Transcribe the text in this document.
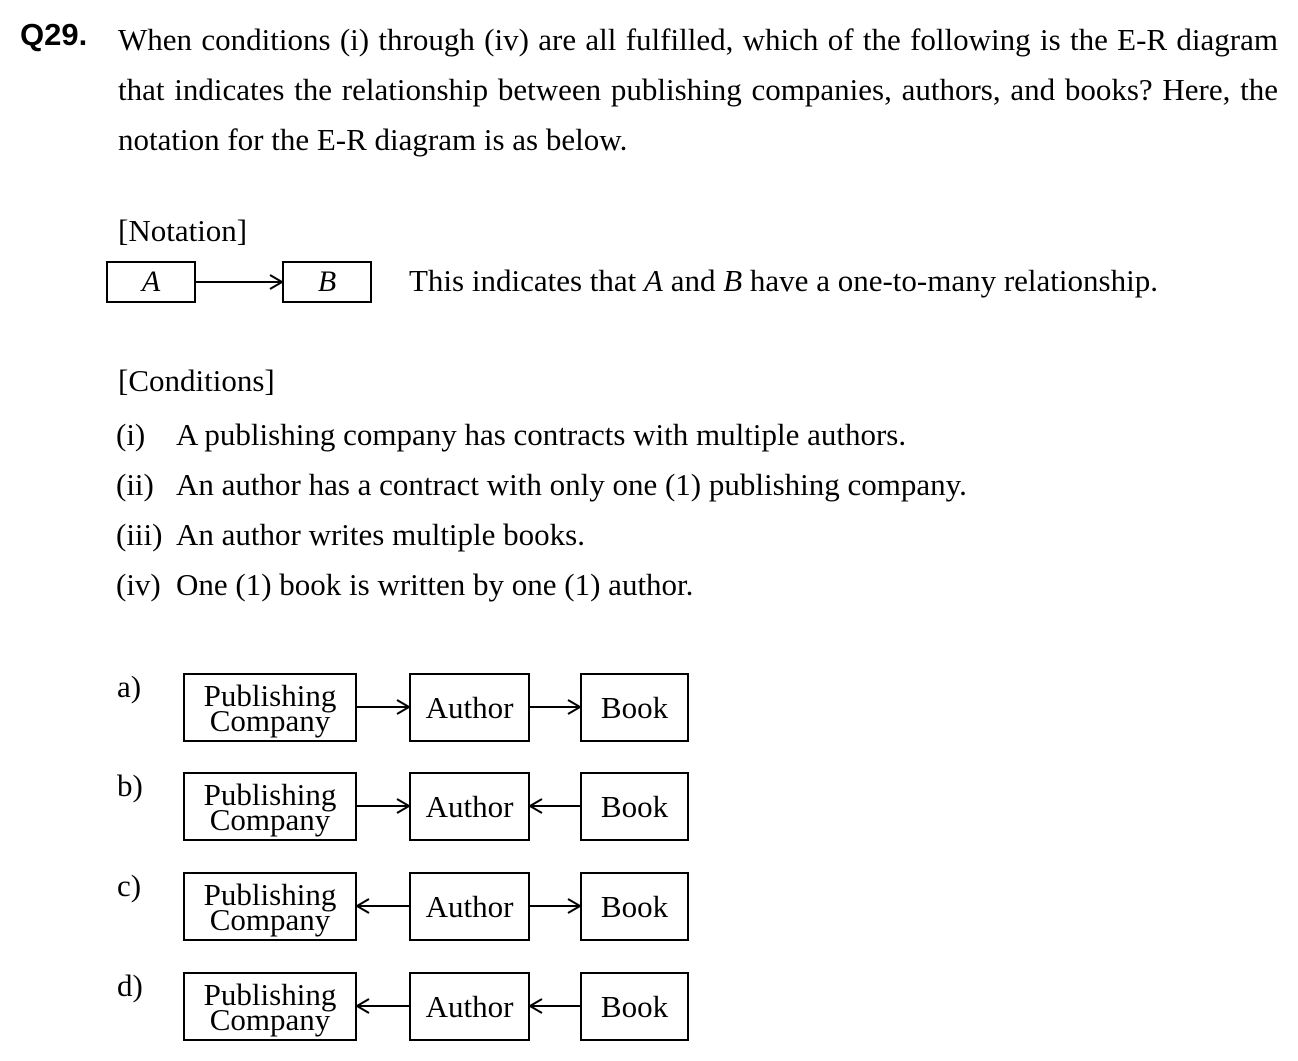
Q29. When conditions (i) through (iv) are all fulfilled, which of the following is the E-R diagram that indicates the relationship between publishing companies, authors, and books? Here, the notation for the E-R diagram is as below.
[Notation]
A	B	This indicates that A and B have a one-to-many relationship.
[Conditions]
(i) A publishing company has contracts with multiple authors.
(ii) An author has a contract with only one (1) publishing company.
(iii) An author writes multiple books.
(iv) One (1) book is written by one (1) author.
a) Publishing
Company	Author	Book
b) Publishing
Company	Author	Book
c) Publishing
Company	Author	Book
d) Publishing
Company	Author	Book
